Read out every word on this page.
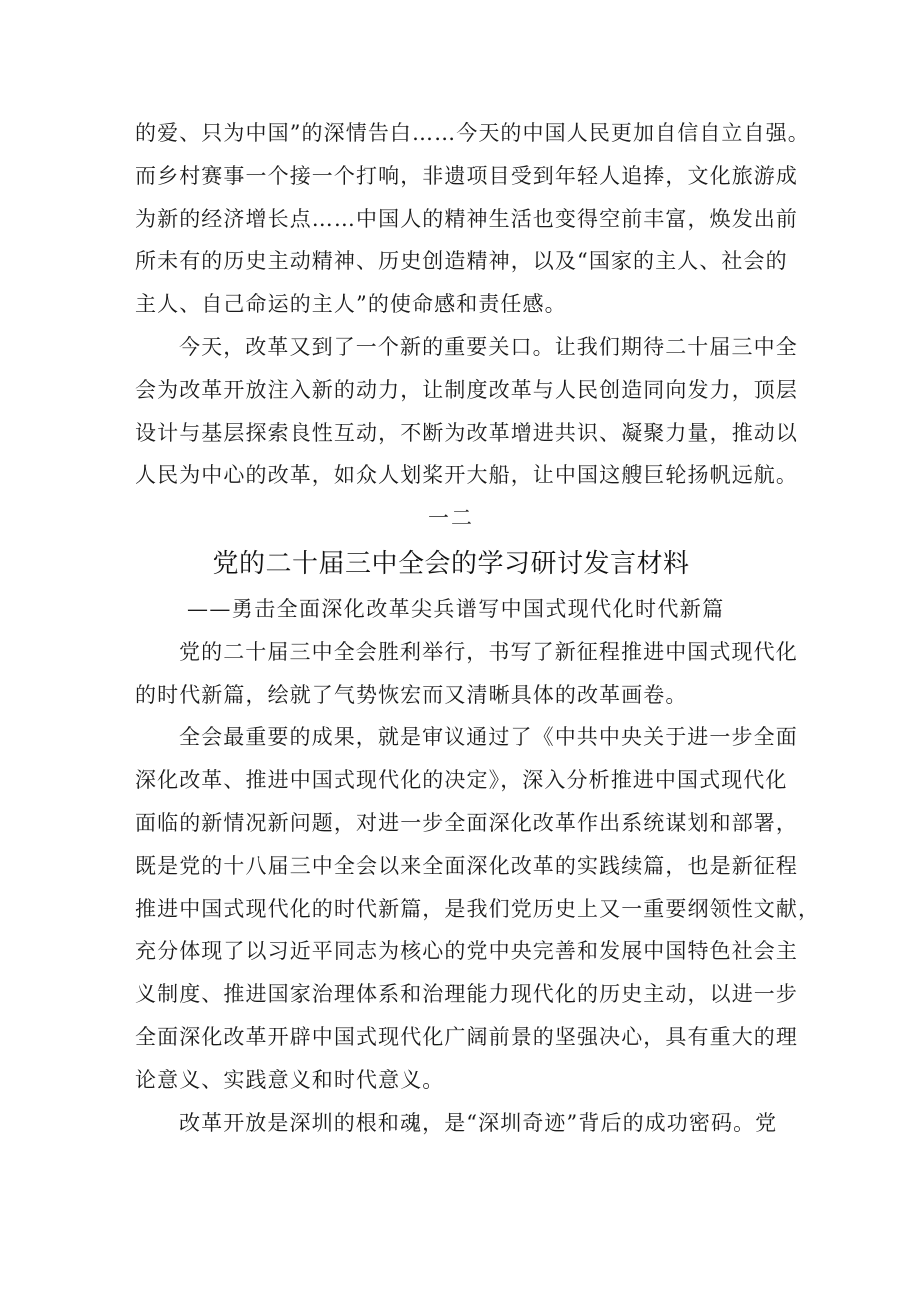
的爱、只为中国”的深情告白……今天的中国人民更加自信自立自强。
而乡村赛事一个接一个打响，非遗项目受到年轻人追捧，文化旅游成
为新的经济增长点……中国人的精神生活也变得空前丰富，焕发出前
所未有的历史主动精神、历史创造精神，以及“国家的主人、社会的
主人、自己命运的主人”的使命感和责任感。
今天，改革又到了一个新的重要关口。让我们期待二十届三中全
会为改革开放注入新的动力，让制度改革与人民创造同向发力，顶层
设计与基层探索良性互动，不断为改革增进共识、凝聚力量，推动以
人民为中心的改革，如众人划桨开大船，让中国这艘巨轮扬帆远航。
一二
党的二十届三中全会的学习研讨发言材料
——勇击全面深化改革尖兵谱写中国式现代化时代新篇
党的二十届三中全会胜利举行，书写了新征程推进中国式现代化
的时代新篇，绘就了气势恢宏而又清晰具体的改革画卷。
全会最重要的成果，就是审议通过了《中共中央关于进一步全面
深化改革、推进中国式现代化的决定》，深入分析推进中国式现代化
面临的新情况新问题，对进一步全面深化改革作出系统谋划和部署，
既是党的十八届三中全会以来全面深化改革的实践续篇，也是新征程
推进中国式现代化的时代新篇，是我们党历史上又一重要纲领性文献，
充分体现了以习近平同志为核心的党中央完善和发展中国特色社会主
义制度、推进国家治理体系和治理能力现代化的历史主动，以进一步
全面深化改革开辟中国式现代化广阔前景的坚强决心，具有重大的理
论意义、实践意义和时代意义。
改革开放是深圳的根和魂，是“深圳奇迹”背后的成功密码。党
